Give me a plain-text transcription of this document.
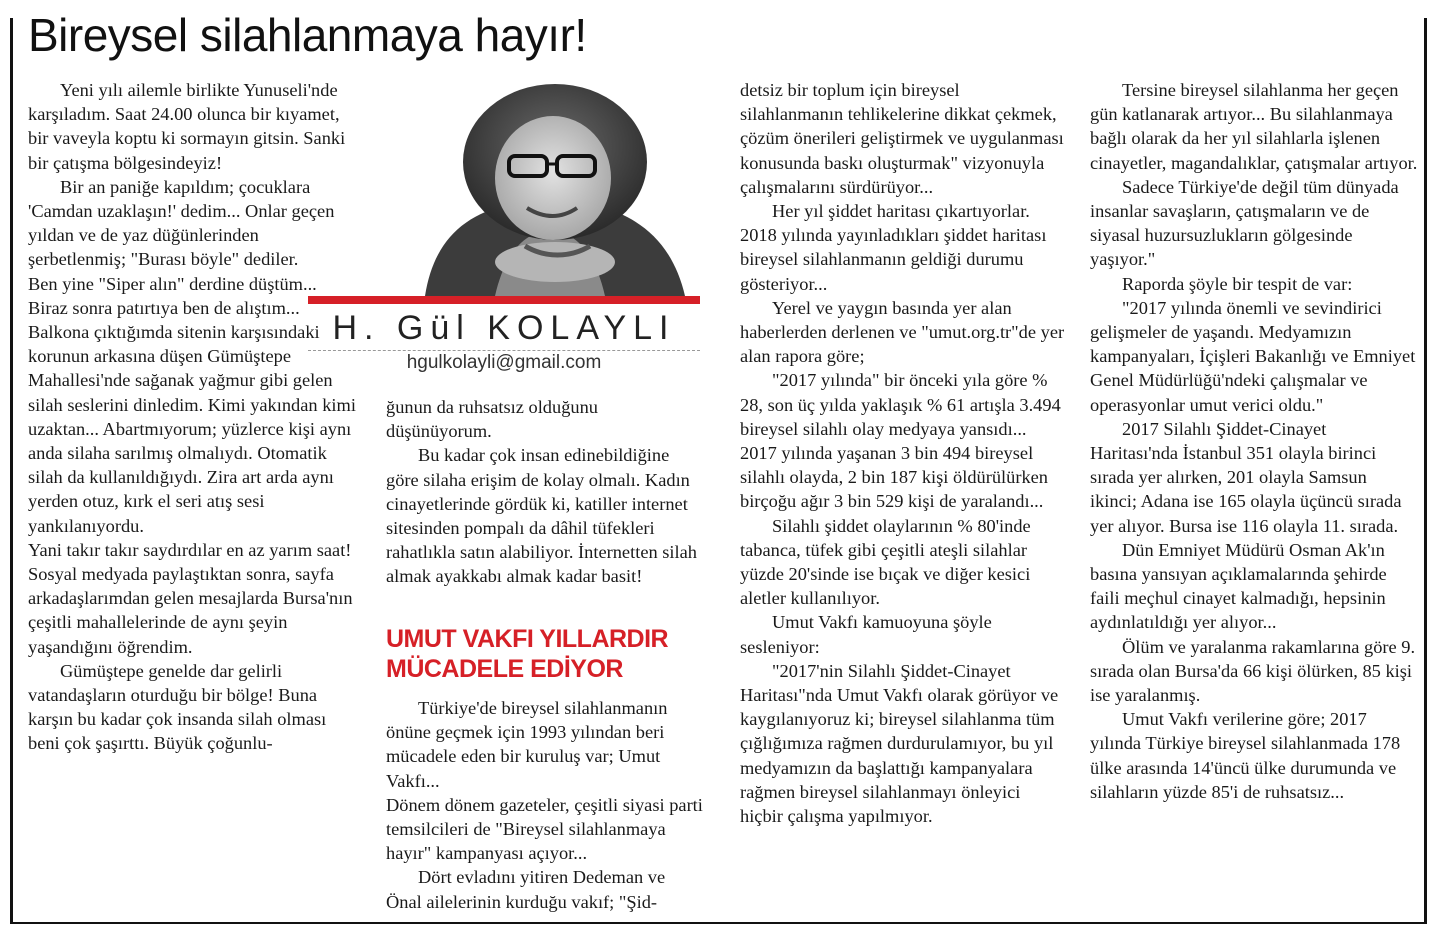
Bireysel silahlanmaya hayır!

Yeni yılı ailemle birlikte Yunuseli'nde karşıladım. Saat 24.00 olunca bir kıyamet, bir vaveyla koptu ki sormayın gitsin. Sanki bir çatışma bölgesindeyiz!

Bir an paniğe kapıldım; çocuklara 'Camdan uzaklaşın!' dedim... Onlar geçen yıldan ve de yaz düğünlerinden şerbetlenmiş; "Burası böyle" dediler.

Ben yine "Siper alın" derdine düştüm... Biraz sonra patırtıya ben de alıştım... Balkona çıktığımda sitenin karşısındaki korunun arkasına düşen Gümüştepe Mahallesi'nde sağanak yağmur gibi gelen silah seslerini dinledim. Kimi yakından kimi uzaktan... Abartmıyorum; yüzlerce kişi aynı anda silaha sarılmış olmalıydı. Otomatik silah da kullanıldığıydı. Zira art arda aynı yerden otuz, kırk el seri atış sesi yankılanıyordu.

Yani takır takır saydırdılar en az yarım saat!

Sosyal medyada paylaştıktan sonra, sayfa arkadaşlarımdan gelen mesajlarda Bursa'nın çeşitli mahallelerinde de aynı şeyin yaşandığını öğrendim.

Gümüştepe genelde dar gelirli vatandaşların oturduğu bir bölge! Buna karşın bu kadar çok insanda silah olması beni çok şaşırttı. Büyük çoğunlu-

H. Gül KOLAYLI
hgulkolayli@gmail.com

ğunun da ruhsatsız olduğunu düşünüyorum.

Bu kadar çok insan edinebildiğine göre silaha erişim de kolay olmalı. Kadın cinayetlerinde gördük ki, katiller internet sitesinden pompalı da dâhil tüfekleri rahatlıkla satın alabiliyor. İnternetten silah almak ayakkabı almak kadar basit!

UMUT VAKFI YILLARDIR
MÜCADELE EDİYOR

Türkiye'de bireysel silahlanmanın önüne geçmek için 1993 yılından beri mücadele eden bir kuruluş var; Umut Vakfı...

Dönem dönem gazeteler, çeşitli siyasi parti temsilcileri de "Bireysel silahlanmaya hayır" kampanyası açıyor...

Dört evladını yitiren Dedeman ve Önal ailelerinin kurduğu vakıf; "Şid-

detsiz bir toplum için bireysel silahlanmanın tehlikelerine dikkat çekmek, çözüm önerileri geliştirmek ve uygulanması konusunda baskı oluşturmak" vizyonuyla çalışmalarını sürdürüyor...

Her yıl şiddet haritası çıkartıyorlar. 2018 yılında yayınladıkları şiddet haritası bireysel silahlanmanın geldiği durumu gösteriyor...

Yerel ve yaygın basında yer alan haberlerden derlenen ve "umut.org.tr"de yer alan rapora göre;

"2017 yılında" bir önceki yıla göre % 28, son üç yılda yaklaşık % 61 artışla 3.494 bireysel silahlı olay medyaya yansıdı... 2017 yılında yaşanan 3 bin 494 bireysel silahlı olayda, 2 bin 187 kişi öldürülürken birçoğu ağır 3 bin 529 kişi de yaralandı...

Silahlı şiddet olaylarının % 80'inde tabanca, tüfek gibi çeşitli ateşli silahlar yüzde 20'sinde ise bıçak ve diğer kesici aletler kullanılıyor.

Umut Vakfı kamuoyuna şöyle sesleniyor:

"2017'nin Silahlı Şiddet-Cinayet Haritası"nda Umut Vakfı olarak görüyor ve kaygılanıyoruz ki; bireysel silahlanma tüm çığlığımıza rağmen durdurulamıyor, bu yıl medyamızın da başlattığı kampanyalara rağmen bireysel silahlanmayı önleyici hiçbir çalışma yapılmıyor.

Tersine bireysel silahlanma her geçen gün katlanarak artıyor... Bu silahlanmaya bağlı olarak da her yıl silahlarla işlenen cinayetler, magandalıklar, çatışmalar artıyor.

Sadece Türkiye'de değil tüm dünyada insanlar savaşların, çatışmaların ve de siyasal huzursuzlukların gölgesinde yaşıyor."

Raporda şöyle bir tespit de var:

"2017 yılında önemli ve sevindirici gelişmeler de yaşandı. Medyamızın kampanyaları, İçişleri Bakanlığı ve Emniyet Genel Müdürlüğü'ndeki çalışmalar ve operasyonlar umut verici oldu."

2017 Silahlı Şiddet-Cinayet Haritası'nda İstanbul 351 olayla birinci sırada yer alırken, 201 olayla Samsun ikinci; Adana ise 165 olayla üçüncü sırada yer alıyor. Bursa ise 116 olayla 11. sırada.

Dün Emniyet Müdürü Osman Ak'ın basına yansıyan açıklamalarında şehirde faili meçhul cinayet kalmadığı, hepsinin aydınlatıldığı yer alıyor...

Ölüm ve yaralanma rakamlarına göre 9. sırada olan Bursa'da 66 kişi ölürken, 85 kişi ise yaralanmış.

Umut Vakfı verilerine göre; 2017 yılında Türkiye bireysel silahlanmada 178 ülke arasında 14'üncü ülke durumunda ve silahların yüzde 85'i de ruhsatsız...
